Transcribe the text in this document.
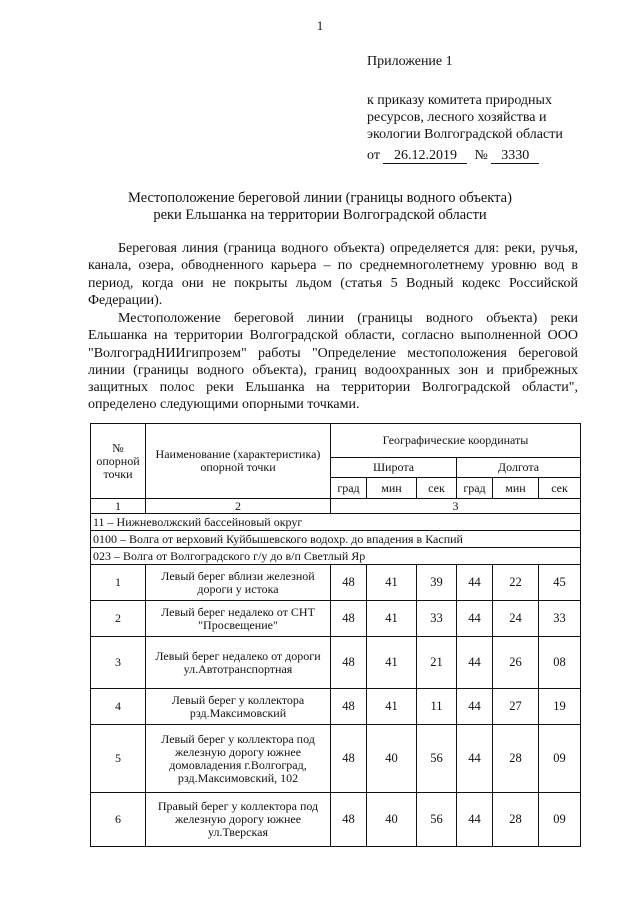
1
Приложение 1
к приказу комитета природных
ресурсов, лесного хозяйства и
экологии Волгоградской области
от 26.12.2019 № 3330
Местоположение береговой линии (границы водного объекта)
реки Ельшанка на территории Волгоградской области
Береговая линия (граница водного объекта) определяется для: реки, ручья, канала, озера, обводненного карьера – по среднемноголетнему уровню вод в период, когда они не покрыты льдом (статья 5 Водный кодекс Российской Федерации).
Местоположение береговой линии (границы водного объекта) реки Ельшанка на территории Волгоградской области, согласно выполненной ООО "ВолгоградНИИгипрозем" работы "Определение местоположения береговой линии (границы водного объекта), границ водоохранных зон и прибрежных защитных полос реки Ельшанка на территории Волгоградской области", определено следующими опорными точками.
№ опорной точки	Наименование (характеристика) опорной точки	Географические координаты					
		Широта			Долгота		
		град	мин	сек	град	мин	сек
1	2	3					
11 – Нижневолжский бассейновый округ							
0100 – Волга от верховий Куйбышевского водохр. до впадения в Каспий							
023 – Волга от Волгоградского г/у до в/п Светлый Яр							
1	Левый берег вблизи железной дороги у истока	48	41	39	44	22	45
2	Левый берег недалеко от СНТ "Просвещение"	48	41	33	44	24	33
3	Левый берег недалеко от дороги ул.Автотранспортная	48	41	21	44	26	08
4	Левый берег у коллектора рзд.Максимовский	48	41	11	44	27	19
5	Левый берег у коллектора под железную дорогу южнее домовладения г.Волгоград, рзд.Максимовский, 102	48	40	56	44	28	09
6	Правый берег у коллектора под железную дорогу южнее ул.Тверская	48	40	56	44	28	09
